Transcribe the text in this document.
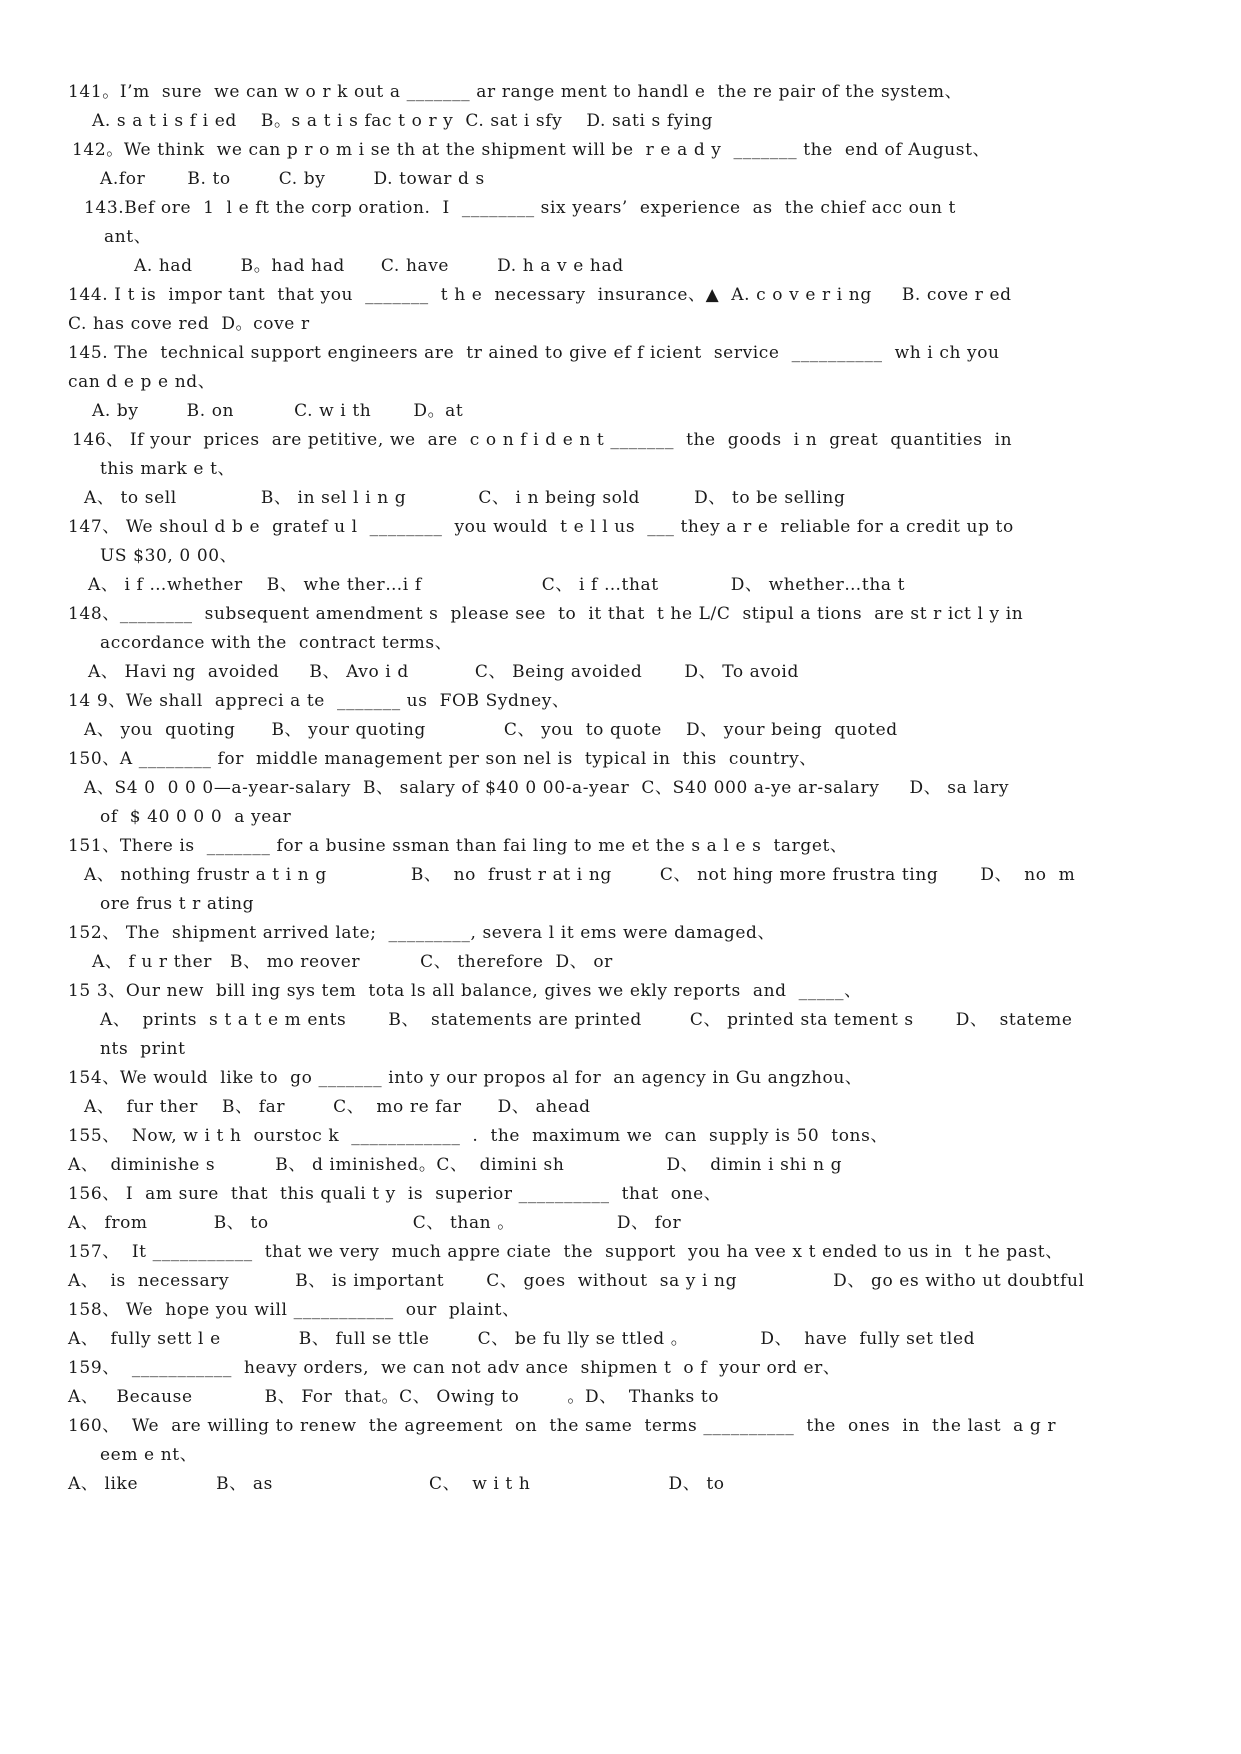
141。I’m  sure  we can w o r k out a _______ ar range ment to handl e  the re pair of the system、
A. s a t i s f i ed    B。s a t i s fac t o r y  C. sat i sfy    D. sati s fying
142。We think  we can p r o m i se th at the shipment will be  r e a d y  _______ the  end of August、
A.for       B. to        C. by        D. towar d s
143.Bef ore  1  l e ft the corp oration.  I  ________ six years’  experience  as  the chief acc oun t
ant、
A. had        B。had had      C. have        D. h a v e had
144. I t is  impor tant  that you  _______  t h e  necessary  insurance、▲  A. c o v e r i ng     B. cove r ed
C. has cove red  D。cove r
145. The  technical support engineers are  tr ained to give ef f icient  service  __________  wh i ch you
can d e p e nd、
A. by        B. on          C. w i th       D。at
146、 If your  prices  are petitive, we  are  c o n f i d e n t _______  the  goods  i n  great  quantities  in
this mark e t、
A、 to sell              B、 in sel l i n g            C、 i n being sold         D、 to be selling
147、 We shoul d b e  gratef u l  ________  you would  t e l l us  ___ they a r e  reliable for a credit up to
US $30, 0 00、
A、 i f …whether    B、 whe ther…i f                    C、 i f …that            D、 whether…tha t
148、________  subsequent amendment s  please see  to  it that  t he L/C  stipul a tions  are st r ict l y in
accordance with the  contract terms、
A、 Havi ng  avoided     B、 Avo i d           C、 Being avoided       D、 To avoid
14 9、We shall  appreci a te  _______ us  FOB Sydney、
A、 you  quoting      B、 your quoting             C、 you  to quote    D、 your being  quoted
150、A ________ for  middle management per son nel is  typical in  this  country、
A、S4 0  0 0 0—a-year-salary  B、 salary of $40 0 00-a-year  C、S40 000 a-ye ar-salary     D、 sa lary
of  $ 40 0 0 0  a year
151、There is  _______ for a busine ssman than fai ling to me et the s a l e s  target、
A、 nothing frustr a t i n g              B、  no  frust r at i ng        C、 not hing more frustra ting       D、  no  m
ore frus t r ating
152、 The  shipment arrived late;  _________, severa l it ems were damaged、
A、 f u r ther   B、 mo reover          C、 therefore  D、 or
15 3、Our new  bill ing sys tem  tota ls all balance, gives we ekly reports  and  _____、
A、  prints  s t a t e m ents       B、  statements are printed        C、 printed sta tement s       D、  stateme
nts  print
154、We would  like to  go _______ into y our propos al for  an agency in Gu angzhou、
A、  fur ther    B、 far        C、  mo re far      D、 ahead
155、  Now, w i t h  ourstoc k  ____________  .  the  maximum we  can  supply is 50  tons、
A、  diminishe s          B、 d iminished。C、  dimini sh                 D、  dimin i shi n g
156、 I  am sure  that  this quali t y  is  superior __________  that  one、
A、 from           B、 to                        C、 than 。                 D、 for
157、  It ___________  that we very  much appre ciate  the  support  you ha vee x t ended to us in  t he past、
A、  is  necessary           B、 is important       C、 goes  without  sa y i ng                D、 go es witho ut doubtful
158、 We  hope you will ___________  our  plaint、
A、  fully sett l e             B、 full se ttle        C、 be fu lly se ttled 。            D、  have  fully set tled
159、  ___________  heavy orders,  we can not adv ance  shipmen t  o f  your ord er、
A、   Because            B、 For  that。C、 Owing to        。D、  Thanks to
160、  We  are willing to renew  the agreement  on  the same  terms __________  the  ones  in  the last  a g r
eem e nt、
A、 like             B、 as                          C、  w i t h                       D、 to
